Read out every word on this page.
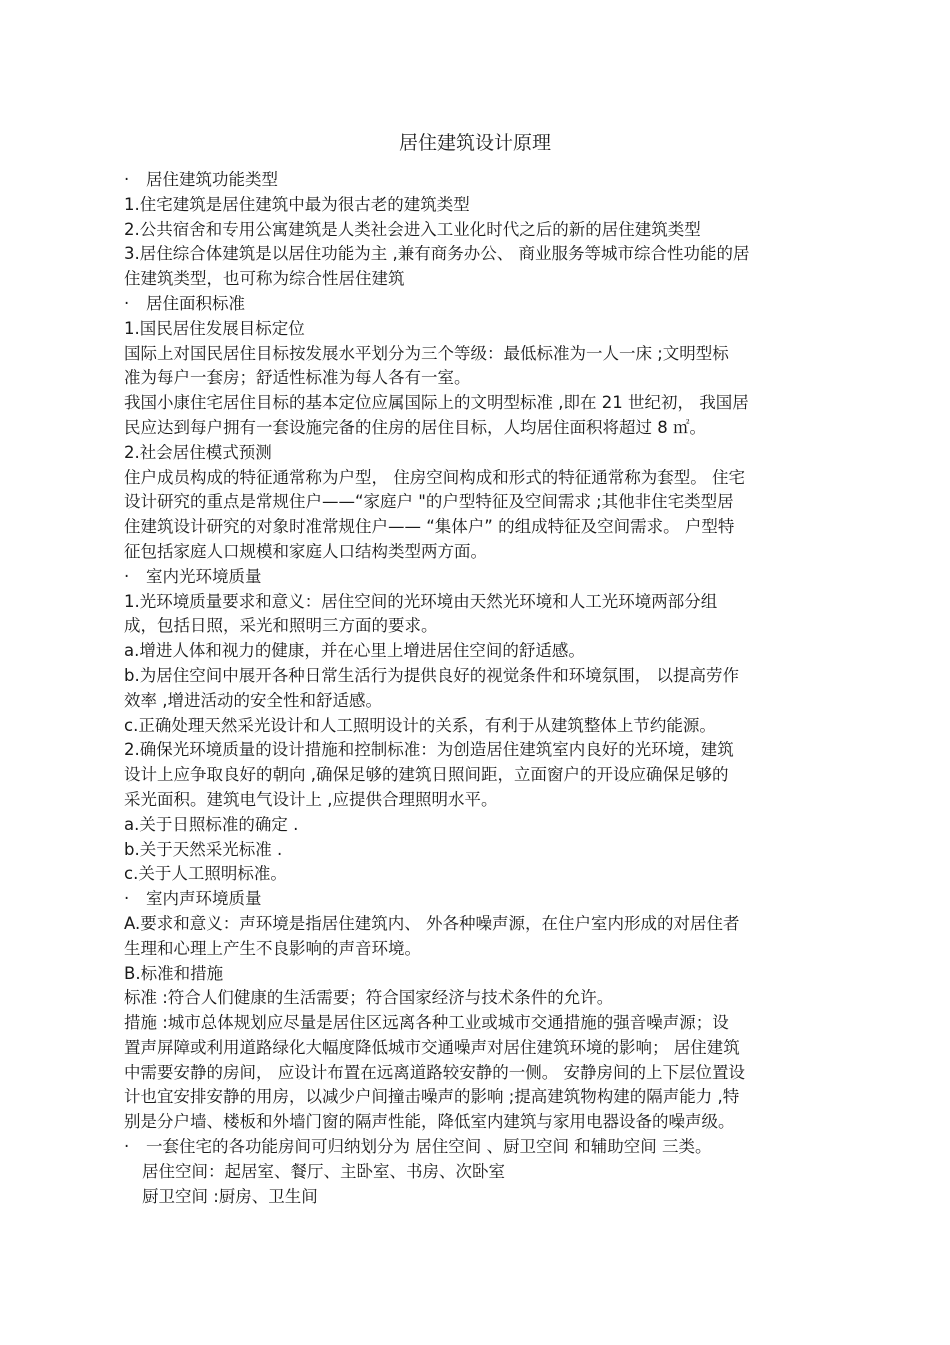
居住建筑设计原理
· 居住建筑功能类型
1.住宅建筑是居住建筑中最为很古老的建筑类型
2.公共宿舍和专用公寓建筑是人类社会进入工业化时代之后的新的居住建筑类型
3.居住综合体建筑是以居住功能为主 ,兼有商务办公、 商业服务等城市综合性功能的居
住建筑类型，也可称为综合性居住建筑
· 居住面积标准
1.国民居住发展目标定位
国际上对国民居住目标按发展水平划分为三个等级：最低标准为一人一床 ;文明型标
准为每户一套房；舒适性标准为每人各有一室。
我国小康住宅居住目标的基本定位应属国际上的文明型标准 ,即在 21 世纪初， 我国居
民应达到每户拥有一套设施完备的住房的居住目标，人均居住面积将超过 8 ㎡。
2.社会居住模式预测
住户成员构成的特征通常称为户型， 住房空间构成和形式的特征通常称为套型。 住宅
设计研究的重点是常规住户——“家庭户 "的户型特征及空间需求 ;其他非住宅类型居
住建筑设计研究的对象时准常规住户—— “集体户” 的组成特征及空间需求。 户型特
征包括家庭人口规模和家庭人口结构类型两方面。
· 室内光环境质量
1.光环境质量要求和意义：居住空间的光环境由天然光环境和人工光环境两部分组
成，包括日照，采光和照明三方面的要求。
a.增进人体和视力的健康，并在心里上增进居住空间的舒适感。
b.为居住空间中展开各种日常生活行为提供良好的视觉条件和环境氛围， 以提高劳作
效率 ,增进活动的安全性和舒适感。
c.正确处理天然采光设计和人工照明设计的关系，有利于从建筑整体上节约能源。
2.确保光环境质量的设计措施和控制标准：为创造居住建筑室内良好的光环境，建筑
设计上应争取良好的朝向 ,确保足够的建筑日照间距，立面窗户的开设应确保足够的
采光面积。建筑电气设计上 ,应提供合理照明水平。
a.关于日照标准的确定 .
b.关于天然采光标准 .
c.关于人工照明标准。
· 室内声环境质量
A.要求和意义：声环境是指居住建筑内、 外各种噪声源，在住户室内形成的对居住者
生理和心理上产生不良影响的声音环境。
B.标准和措施
标准 :符合人们健康的生活需要；符合国家经济与技术条件的允许。
措施 :城市总体规划应尽量是居住区远离各种工业或城市交通措施的强音噪声源；设
置声屏障或利用道路绿化大幅度降低城市交通噪声对居住建筑环境的影响； 居住建筑
中需要安静的房间， 应设计布置在远离道路较安静的一侧。 安静房间的上下层位置设
计也宜安排安静的用房，以减少户间撞击噪声的影响 ;提高建筑物构建的隔声能力 ,特
别是分户墙、楼板和外墙门窗的隔声性能，降低室内建筑与家用电器设备的噪声级。
· 一套住宅的各功能房间可归纳划分为 居住空间 、厨卫空间 和辅助空间 三类。
居住空间：起居室、餐厅、主卧室、书房、次卧室
厨卫空间 :厨房、卫生间
